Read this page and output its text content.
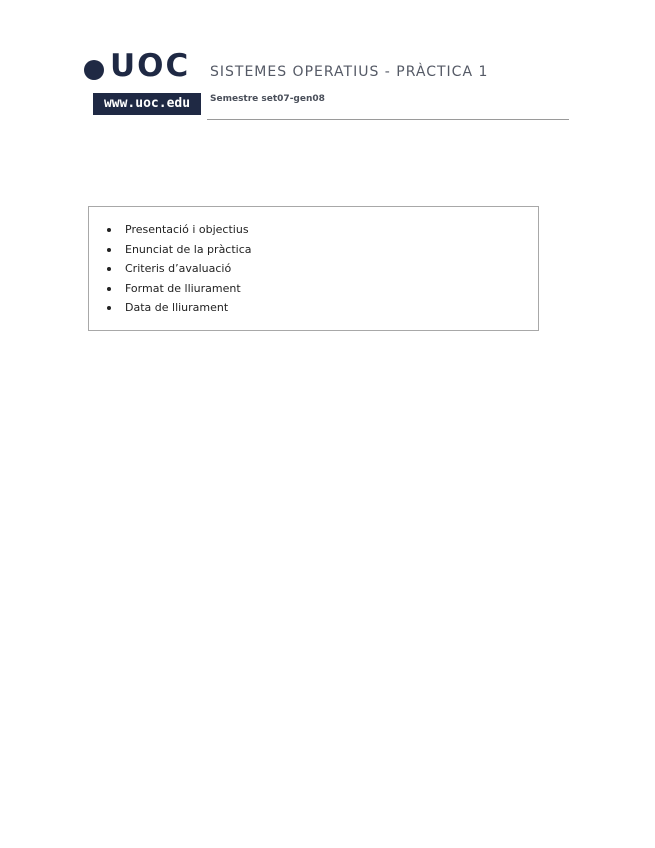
UOC
www.uoc.edu
SISTEMES OPERATIUS - PRÀCTICA 1
Semestre set07-gen08
Presentació i objectius
Enunciat de la pràctica
Criteris d’avaluació
Format de lliurament
Data de lliurament
